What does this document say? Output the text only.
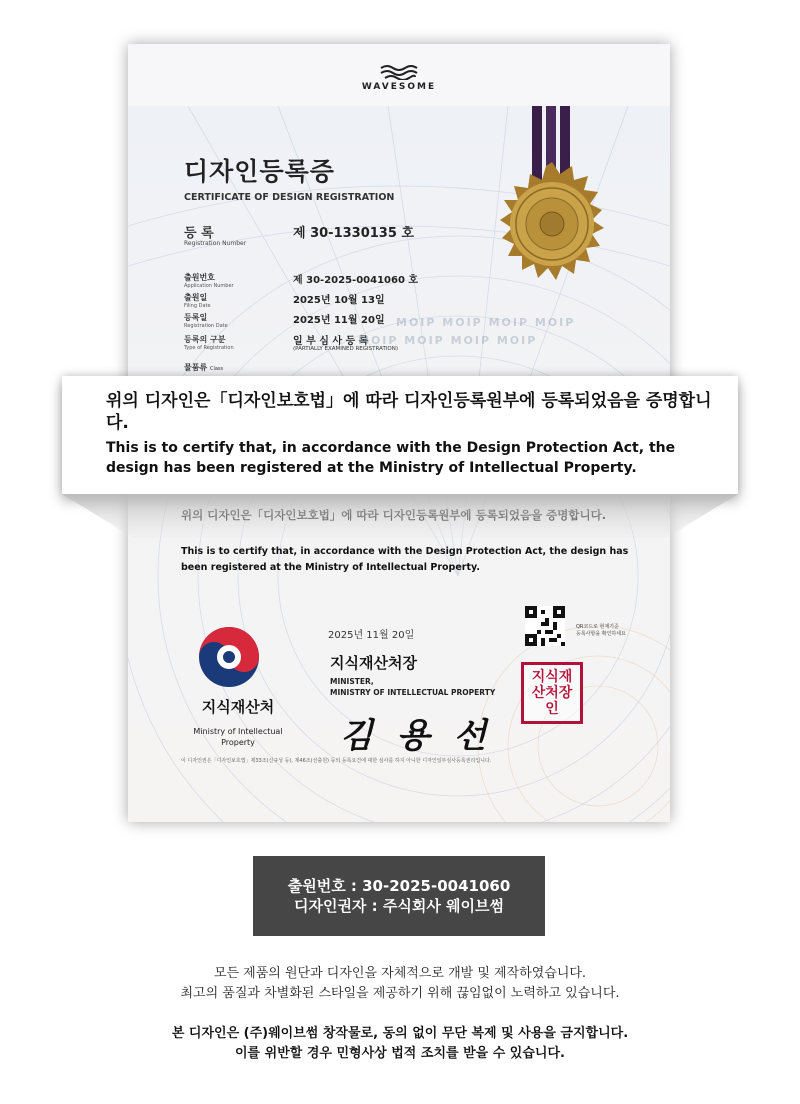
WAVESOME
디자인등록증
CERTIFICATE OF DESIGN REGISTRATION
등 록
Registration Number
제 30-1330135 호
출원번호
Application Number	제 30-2025-0041060 호
출원일
Filing Date	2025년 10월 13일
등록일
Registration Date	2025년 11월 20일
등록의 구분
Type of Registration
일 부 심 사 등 록
(PARTIALLY EXAMINED REGISTRATION)
물품류 Class
MOIP MOIP MOIP MOIP
MOIP MOIP MOIP MOIP
This is to certify that, in accordance with the Design Protection Act, the design has been registered at the Ministry of Intellectual Property.
지식재산처
Ministry of Intellectual Property
2025년 11월 20일
지식재산처장
MINISTER,
MINISTRY OF INTELLECTUAL PROPERTY
김 용 선
지식재산처장인
QR코드로 현재기준
등록사항을 확인하세요
이 디자인권은「디자인보호법」제33조(신규성 등), 제46조(선출원) 등의 등록요건에 대한 심사를 하지 아니한 디자인일부심사등록권리입니다.
위의 디자인은「디자인보호법」에 따라 디자인등록원부에 등록되었음을 증명합니다.
This is to certify that, in accordance with the Design Protection Act, the design has been registered at the Ministry of Intellectual Property.
출원번호 : 30-2025-0041060
디자인권자 : 주식회사 웨이브썸
모든 제품의 원단과 디자인을 자체적으로 개발 및 제작하였습니다.
최고의 품질과 차별화된 스타일을 제공하기 위해 끊임없이 노력하고 있습니다.
본 디자인은 (주)웨이브썸 창작물로, 동의 없이 무단 복제 및 사용을 금지합니다.
이를 위반할 경우 민형사상 법적 조치를 받을 수 있습니다.
